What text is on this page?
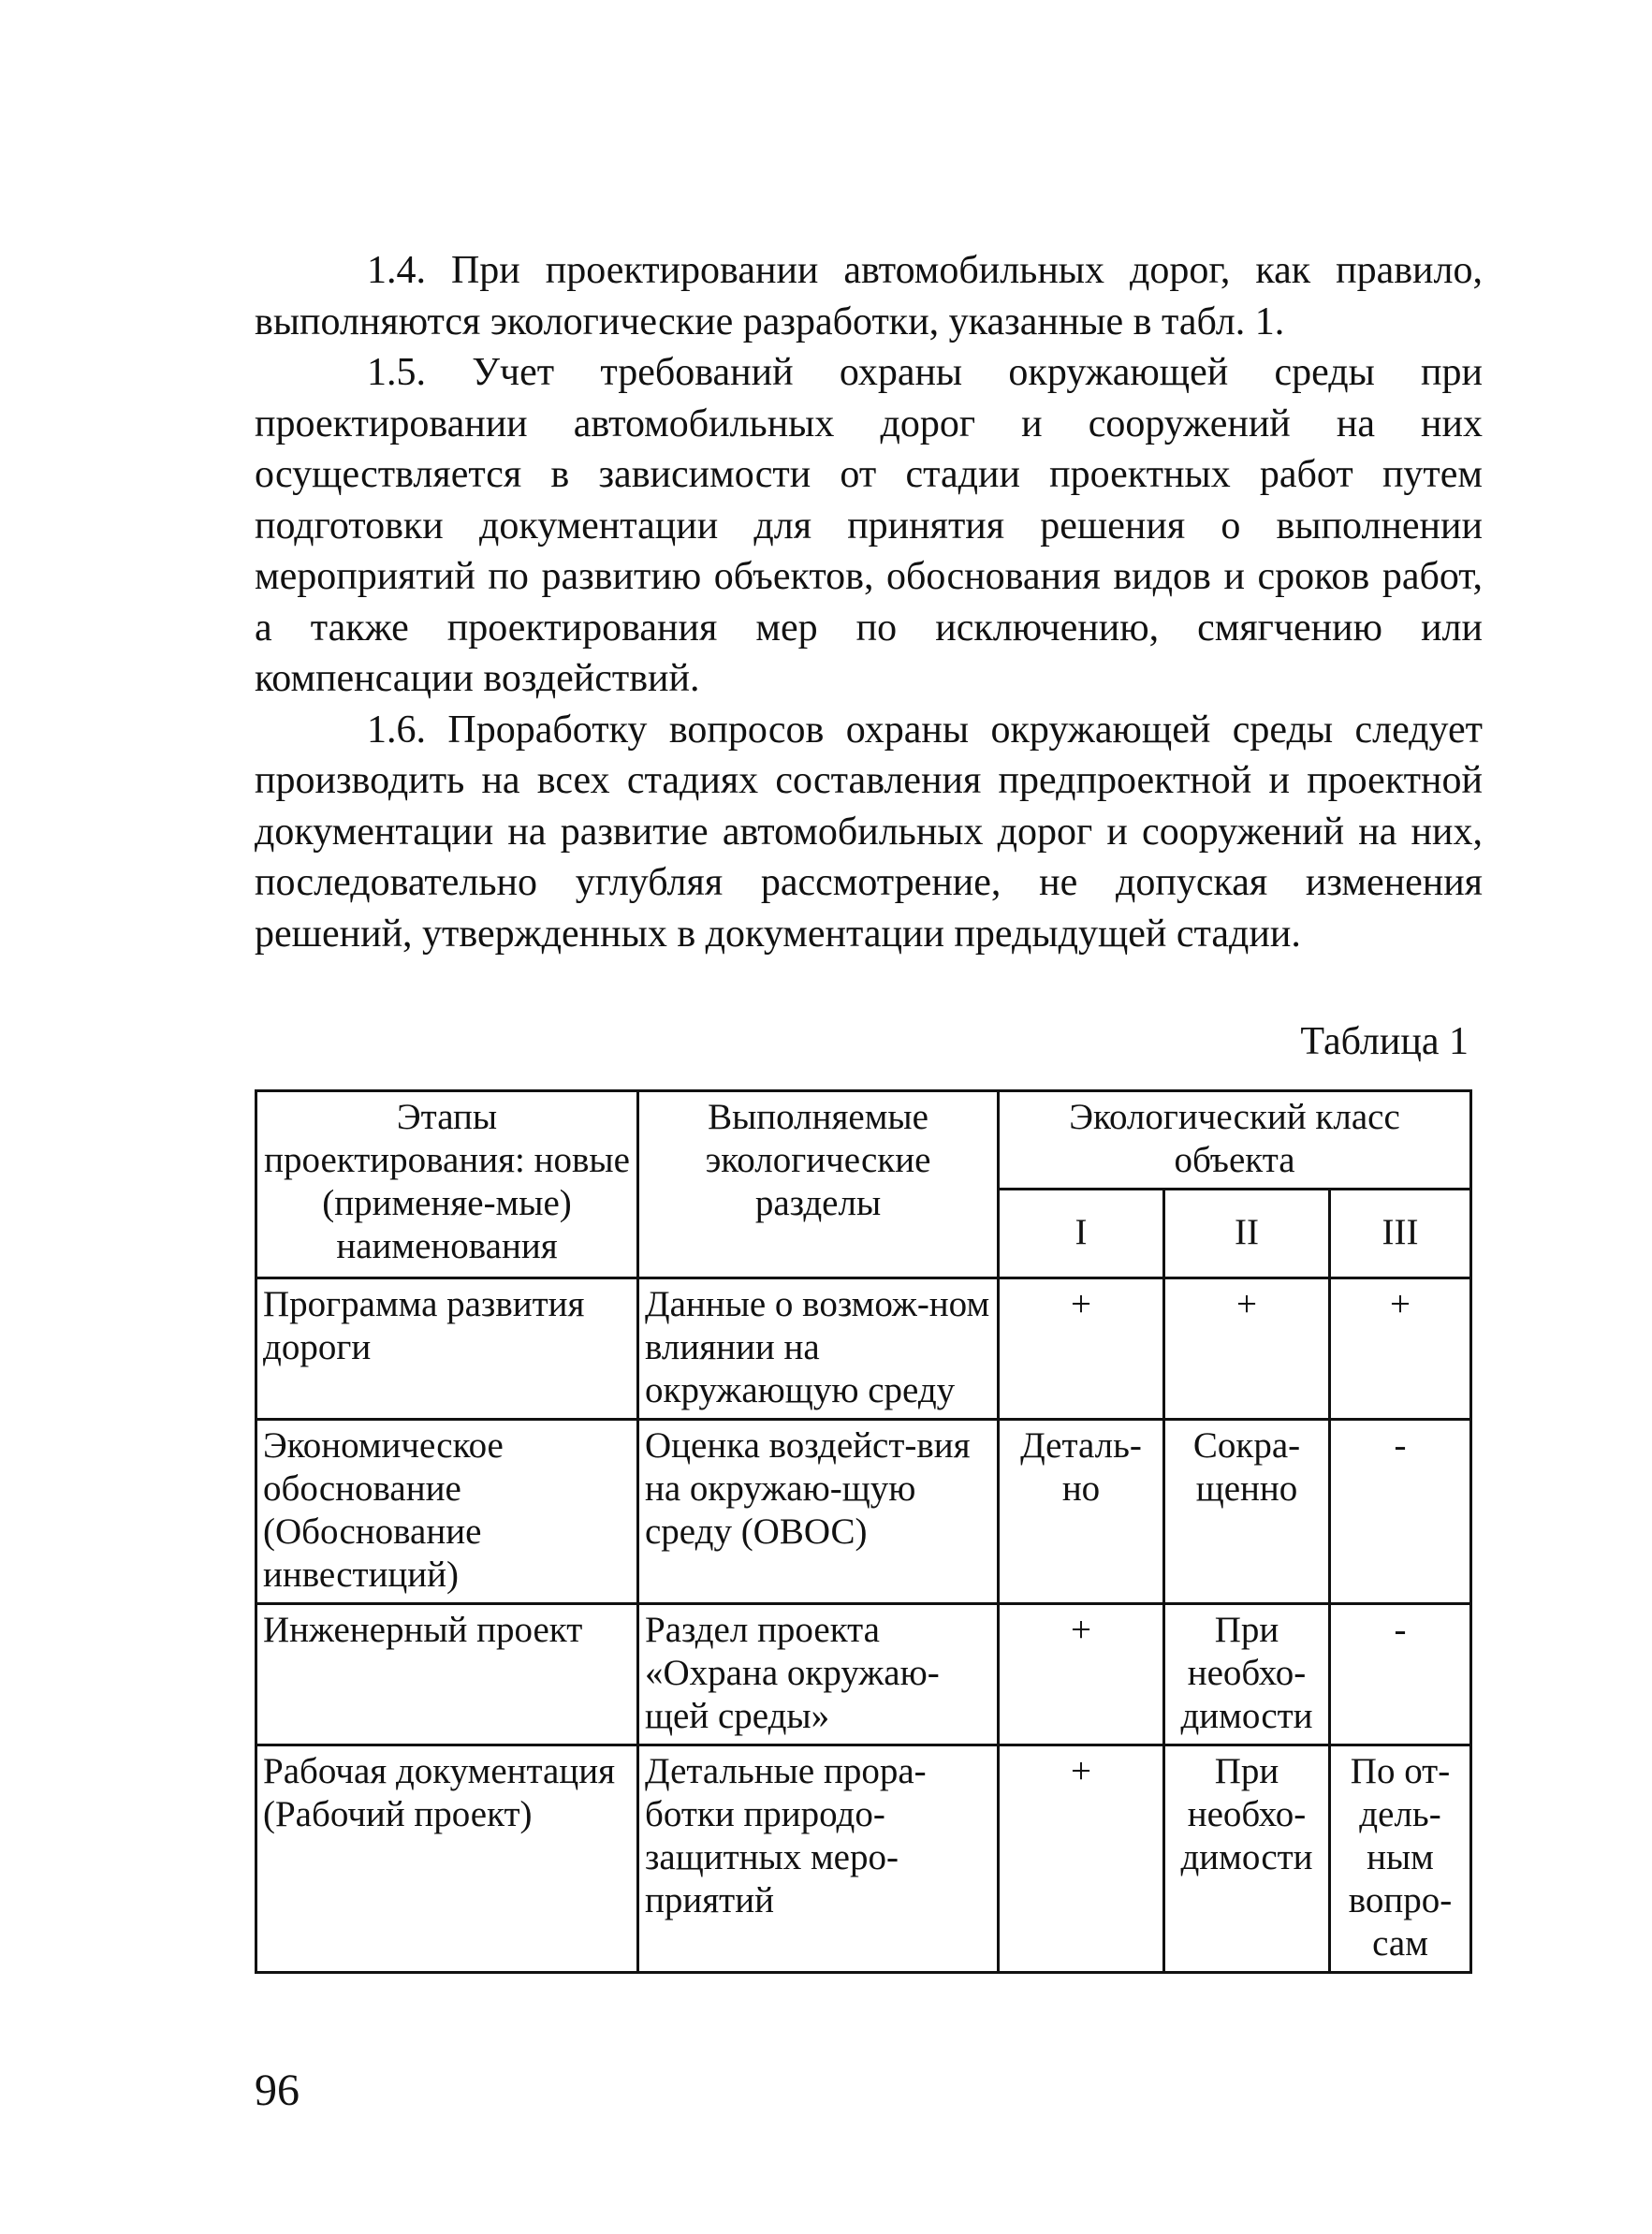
1.4. При проектировании автомобильных дорог, как правило, выполняются экологические разработки, указанные в табл. 1.

1.5. Учет требований охраны окружающей среды при проектировании автомобильных дорог и сооружений на них осуществляется в зависимости от стадии проектных работ путем подготовки документации для принятия решения о выполнении мероприятий по развитию объектов, обоснования видов и сроков работ, а также проектирования мер по исключению, смягчению или компенсации воздействий.

1.6. Проработку вопросов охраны окружающей среды следует производить на всех стадиях составления предпроектной и проектной документации на развитие автомобильных дорог и сооружений на них, последовательно углубляя рассмотрение, не допуская изменения решений, утвержденных в документации предыдущей стадии.

Таблица 1
Этапы проектирования: новые (применяе-мые) наименования	Выполняемые экологические разделы	Экологический класс объекта		
		I	II	III
Программа развития дороги	Данные о возмож-ном влиянии на окружающую среду	+	+	+
Экономическое обоснование (Обоснование инвестиций)	Оценка воздейст-вия на окружаю-щую среду (ОВОС)	Деталь-но	Сокра-щенно	-
Инженерный проект	Раздел проекта «Охрана окружаю-щей среды»	+	При необхо-димости	-
Рабочая документация (Рабочий проект)	Детальные прора-ботки природо-защитных меро-приятий	+	При необхо-димости	По от-дель-ным вопро-сам
96
